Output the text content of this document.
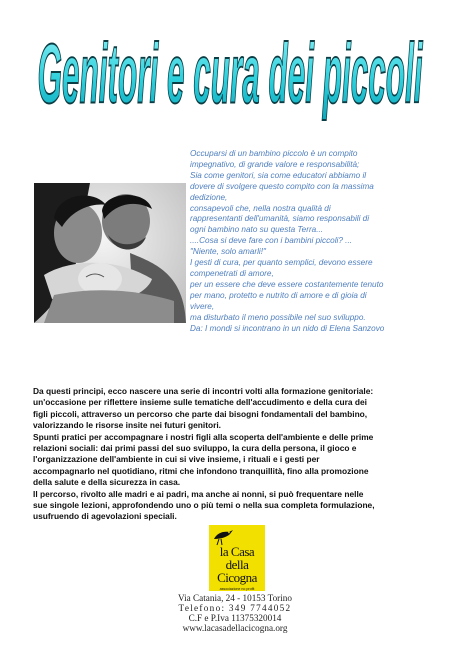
Genitori e cura dei piccoli
Occuparsi di un bambino piccolo è un compito
impegnativo, di grande valore e responsabilità;
Sia come genitori, sia come educatori abbiamo il
dovere di svolgere questo compito con la massima
dedizione,
consapevoli che, nella nostra qualità di
rappresentanti dell'umanità, siamo responsabili di
ogni bambino nato su questa Terra...
....Cosa si deve fare con i bambini piccoli? ...
"Niente, solo amarli!"
I gesti di cura, per quanto semplici, devono essere
compenetrati di amore,
per un essere che deve essere costantemente tenuto
per mano, protetto e nutrito di amore e di gioia di
vivere,
ma disturbato il meno possibile nel suo sviluppo.
Da: I mondi si incontrano in un nido di Elena Sanzovo
Da questi principi, ecco nascere una serie di incontri volti alla formazione genitoriale:
un'occasione per riflettere insieme sulle tematiche dell'accudimento e della cura dei
figli piccoli, attraverso un percorso che parte dai bisogni fondamentali del bambino,
valorizzando le risorse insite nei futuri genitori.
Spunti pratici per accompagnare i nostri figli alla scoperta dell'ambiente e delle prime
relazioni sociali: dai primi passi del suo sviluppo, la cura della persona, il gioco e
l'organizzazione dell'ambiente in cui si vive insieme, i rituali e i gesti per
accompagnarlo nel quotidiano, ritmi che infondono tranquillità, fino alla promozione
della salute e della sicurezza in casa.
Il percorso, rivolto alle madri e ai padri, ma anche ai nonni, si può frequentare nelle
sue singole lezioni, approfondendo uno o più temi o nella sua completa formulazione,
usufruendo di agevolazioni speciali.
la Casa
della Cicogna
associazione no profit
Via Catania, 24 - 10153 Torino
Telefono: 349 7744052
C.F e P.Iva 11375320014
www.lacasadellacicogna.org
